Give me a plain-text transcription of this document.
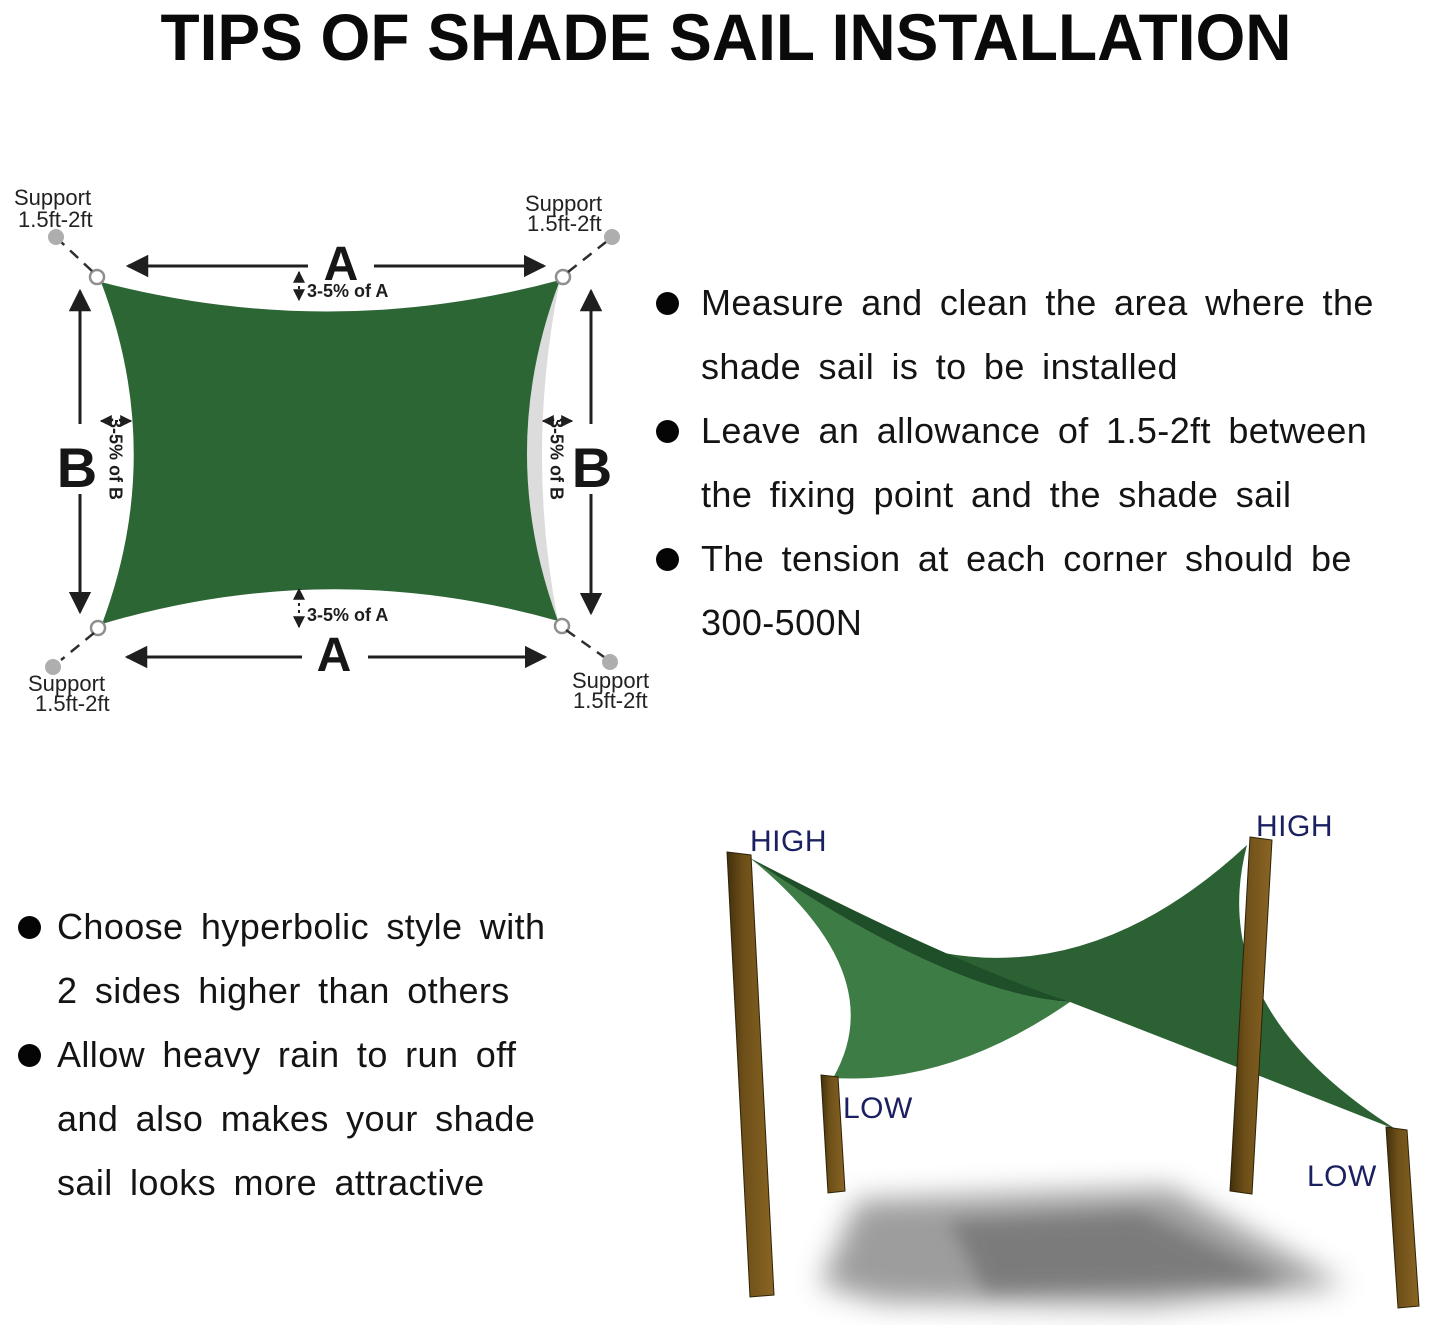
TIPS OF SHADE SAIL INSTALLATION
Support
1.5ft-2ft
Support
1.5ft-2ft
Support
1.5ft-2ft
Support
1.5ft-2ft
A
3-5% of A
A
3-5% of A
B 3-5% of B	B
3-5% of B
Measure and clean the area where the
shade sail is to be installed
Leave an allowance of 1.5-2ft between
the fixing point and the shade sail
The tension at each corner should be
300-500N
Choose hyperbolic style with
2 sides higher than others
Allow heavy rain to run off
and also makes your shade
sail looks more attractive
HIGH	HIGH
LOW
LOW
